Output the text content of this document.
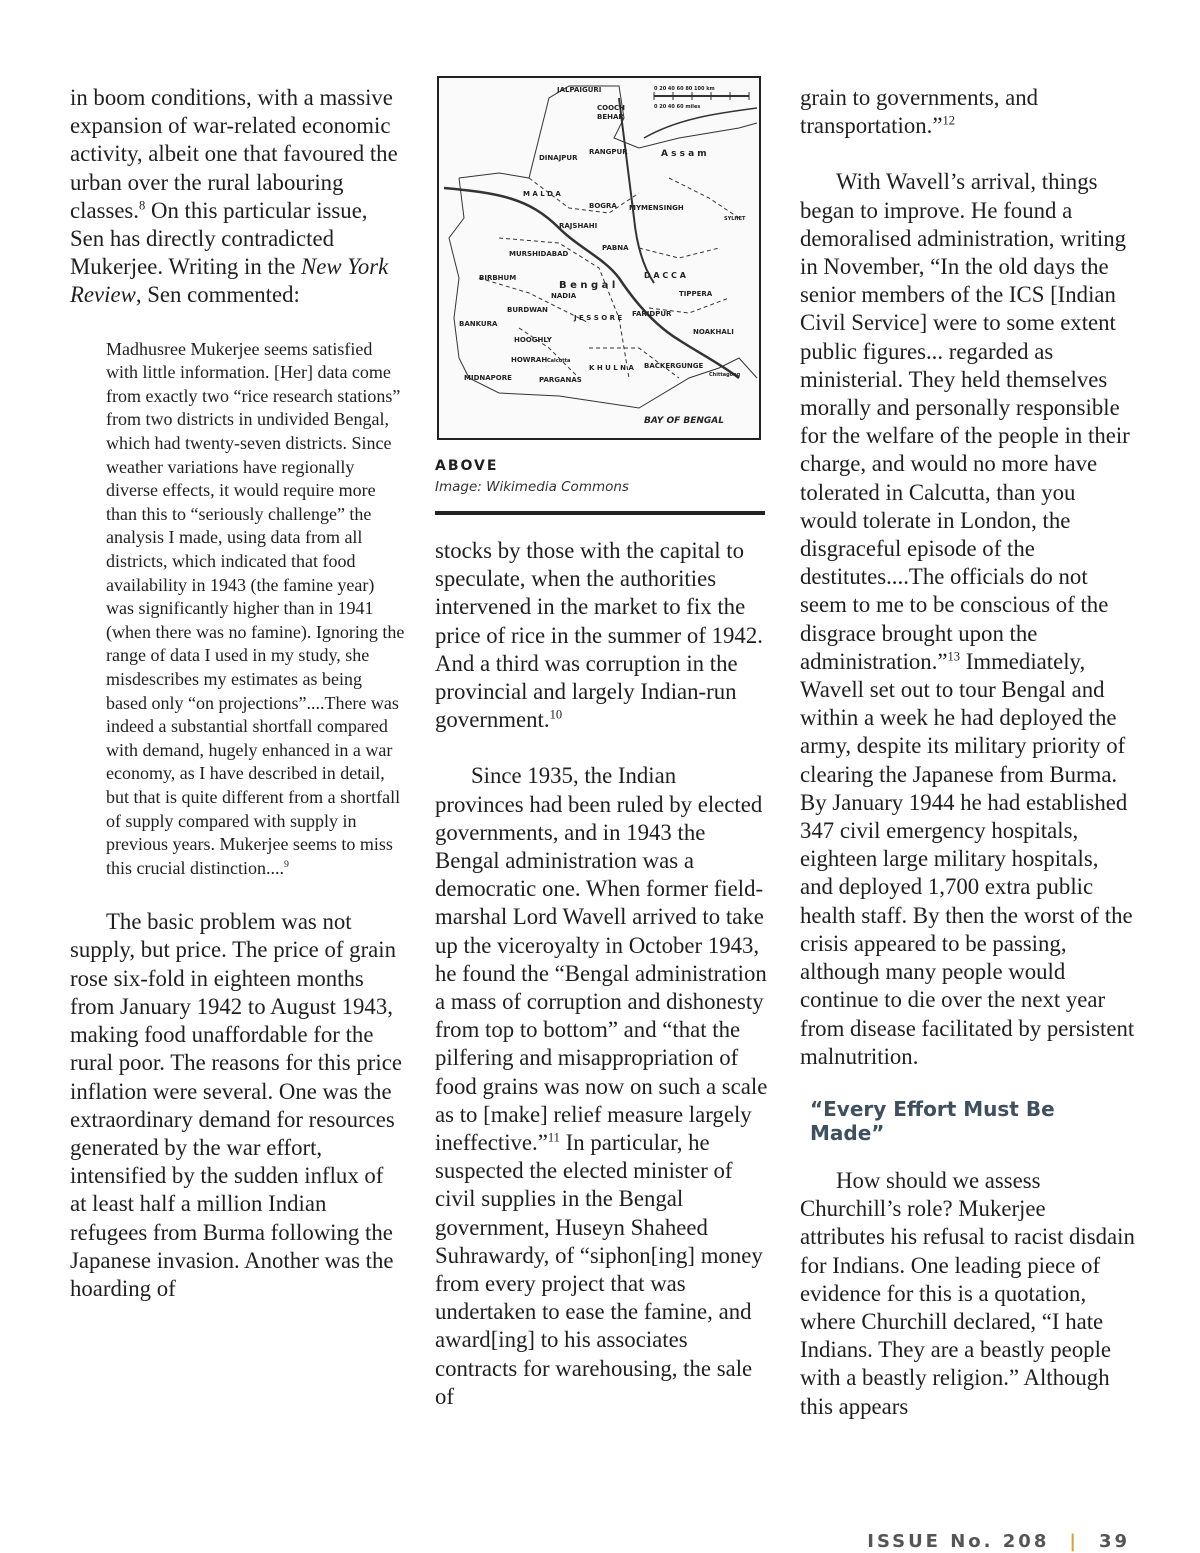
in boom conditions, with a massive expansion of war-related economic activity, albeit one that favoured the urban over the rural labouring classes.$^8$ On this particular issue, Sen has directly contradicted Mukerjee. Writing in the New York Review, Sen commented:

Madhusree Mukerjee seems satisfied with little information. [Her] data come from exactly two “rice research stations” from two districts in undivided Bengal, which had twenty-seven districts. Since weather variations have regionally diverse effects, it would require more than this to “seriously challenge” the analysis I made, using data from all districts, which indicated that food availability in 1943 (the famine year) was significantly higher than in 1941 (when there was no famine). Ignoring the range of data I used in my study, she misdescribes my estimates as being based only “on projections”....There was indeed a substantial shortfall compared with demand, hugely enhanced in a war economy, as I have described in detail, but that is quite different from a shortfall of supply compared with supply in previous years. Mukerjee seems to miss this crucial distinction....$^9$

The basic problem was not supply, but price. The price of grain rose six-fold in eighteen months from January 1942 to August 1943, making food unaffordable for the rural poor. The reasons for this price inflation were several. One was the extraordinary demand for resources generated by the war effort, intensified by the sudden influx of at least half a million Indian refugees from Burma following the Japanese invasion. Another was the hoarding of

JALPAIGURI
COOCH
BEHAR
RANGPUR
DINAJPUR	A s s a m
M A L D A
BOGRA MYMENSINGH
SYLHET
RAJSHAHI
PABNA
MURSHIDABAD
BIRBHUM
NADIA
D A C C A
B e n g a l
TIPPERA
BURDWAN
J E S S O R E FARIDPUR
BANKURA
NOAKHALI
HOOGHLY
HOWRAH Calcutta
K H U L N A BACKERGUNGE
MIDNAPORE	PARGANAS
Chittagong
BAY OF BENGAL
0 20 40 60 80 100 km
0 20 40 60 miles
ABOVE
Image: Wikimedia Commons

stocks by those with the capital to speculate, when the authorities intervened in the market to fix the price of rice in the summer of 1942. And a third was corruption in the provincial and largely Indian-run government.$^{10}$

Since 1935, the Indian provinces had been ruled by elected governments, and in 1943 the Bengal administration was a democratic one. When former field-marshal Lord Wavell arrived to take up the viceroyalty in October 1943, he found the “Bengal administration a mass of corruption and dishonesty from top to bottom” and “that the pilfering and misappropriation of food grains was now on such a scale as to [make] relief measure largely ineffective.”$^{11}$ In particular, he suspected the elected minister of civil supplies in the Bengal government, Huseyn Shaheed Suhrawardy, of “siphon[ing] money from every project that was undertaken to ease the famine, and award[ing] to his associates contracts for warehousing, the sale of

grain to governments, and transportation.”$^{12}$

With Wavell’s arrival, things began to improve. He found a demoralised administration, writing in November, “In the old days the senior members of the ICS [Indian Civil Service] were to some extent public figures... regarded as ministerial. They held themselves morally and personally responsible for the welfare of the people in their charge, and would no more have tolerated in Calcutta, than you would tolerate in London, the disgraceful episode of the destitutes....The officials do not seem to me to be conscious of the disgrace brought upon the administration.”$^{13}$ Immediately, Wavell set out to tour Bengal and within a week he had deployed the army, despite its military priority of clearing the Japanese from Burma. By January 1944 he had established 347 civil emergency hospitals, eighteen large military hospitals, and deployed 1,700 extra public health staff. By then the worst of the crisis appeared to be passing, although many people would continue to die over the next year from disease facilitated by persistent malnutrition.

“Every Effort Must Be Made”

How should we assess Churchill’s role? Mukerjee attributes his refusal to racist disdain for Indians. One leading piece of evidence for this is a quotation, where Churchill declared, “I hate Indians. They are a beastly people with a beastly religion.” Although this appears

ISSUE No. 208 | 39
